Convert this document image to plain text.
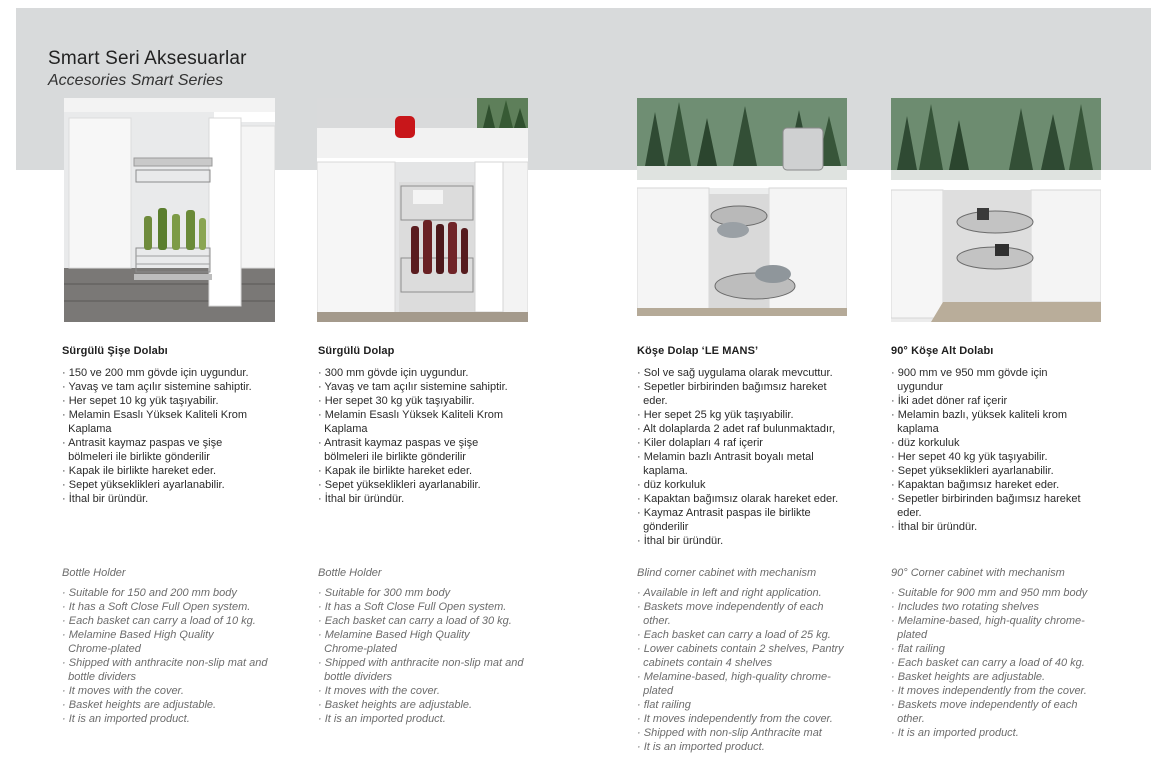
Smart Seri Aksesuarlar

Accesories Smart Series

Sürgülü Şişe Dolabı
· 150 ve 200 mm gövde için uygundur.
· Yavaş ve tam açılır sistemine sahiptir.
· Her sepet 10 kg yük taşıyabilir.
· Melamin Esaslı Yüksek Kaliteli Krom
Kaplama
· Antrasit kaymaz paspas ve şişe
bölmeleri ile birlikte gönderilir
· Kapak ile birlikte hareket eder.
· Sepet yükseklikleri ayarlanabilir.
· İthal bir üründür.

Bottle Holder

· Suitable for 150 and 200 mm body
· It has a Soft Close Full Open system.
· Each basket can carry a load of 10 kg.
· Melamine Based High Quality
Chrome-plated
· Shipped with anthracite non-slip mat and
bottle dividers
· It moves with the cover.
· Basket heights are adjustable.
· It is an imported product.
Sürgülü Dolap
· 300 mm gövde için uygundur.
· Yavaş ve tam açılır sistemine sahiptir.
· Her sepet 30 kg yük taşıyabilir.
· Melamin Esaslı Yüksek Kaliteli Krom
Kaplama
· Antrasit kaymaz paspas ve şişe
bölmeleri ile birlikte gönderilir
· Kapak ile birlikte hareket eder.
· Sepet yükseklikleri ayarlanabilir.
· İthal bir üründür.

Bottle Holder

· Suitable for 300 mm body
· It has a Soft Close Full Open system.
· Each basket can carry a load of 30 kg.
· Melamine Based High Quality
Chrome-plated
· Shipped with anthracite non-slip mat and
bottle dividers
· It moves with the cover.
· Basket heights are adjustable.
· It is an imported product.
Köşe Dolap ‘LE MANS’
· Sol ve sağ uygulama olarak mevcuttur.
· Sepetler birbirinden bağımsız hareket
eder.
· Her sepet 25 kg yük taşıyabilir.
· Alt dolaplarda 2 adet raf bulunmaktadır,
· Kiler dolapları 4 raf içerir
· Melamin bazlı Antrasit boyalı metal
kaplama.
· düz korkuluk
· Kapaktan bağımsız olarak hareket eder.
· Kaymaz Antrasit paspas ile birlikte
gönderilir
· İthal bir üründür.

Blind corner cabinet with mechanism

· Available in left and right application.
· Baskets move independently of each
other.
· Each basket can carry a load of 25 kg.
· Lower cabinets contain 2 shelves, Pantry
cabinets contain 4 shelves
· Melamine-based, high-quality chrome-
plated
· flat railing
· It moves independently from the cover.
· Shipped with non-slip Anthracite mat
· It is an imported product.
90° Köşe Alt Dolabı
· 900 mm ve 950 mm gövde için
uygundur
· İki adet döner raf içerir
· Melamin bazlı, yüksek kaliteli krom
kaplama
· düz korkuluk
· Her sepet 40 kg yük taşıyabilir.
· Sepet yükseklikleri ayarlanabilir.
· Kapaktan bağımsız hareket eder.
· Sepetler birbirinden bağımsız hareket
eder.
· İthal bir üründür.

90° Corner cabinet with mechanism

· Suitable for 900 mm and 950 mm body
· Includes two rotating shelves
· Melamine-based, high-quality chrome-
plated
· flat railing
· Each basket can carry a load of 40 kg.
· Basket heights are adjustable.
· It moves independently from the cover.
· Baskets move independently of each
other.
· It is an imported product.
